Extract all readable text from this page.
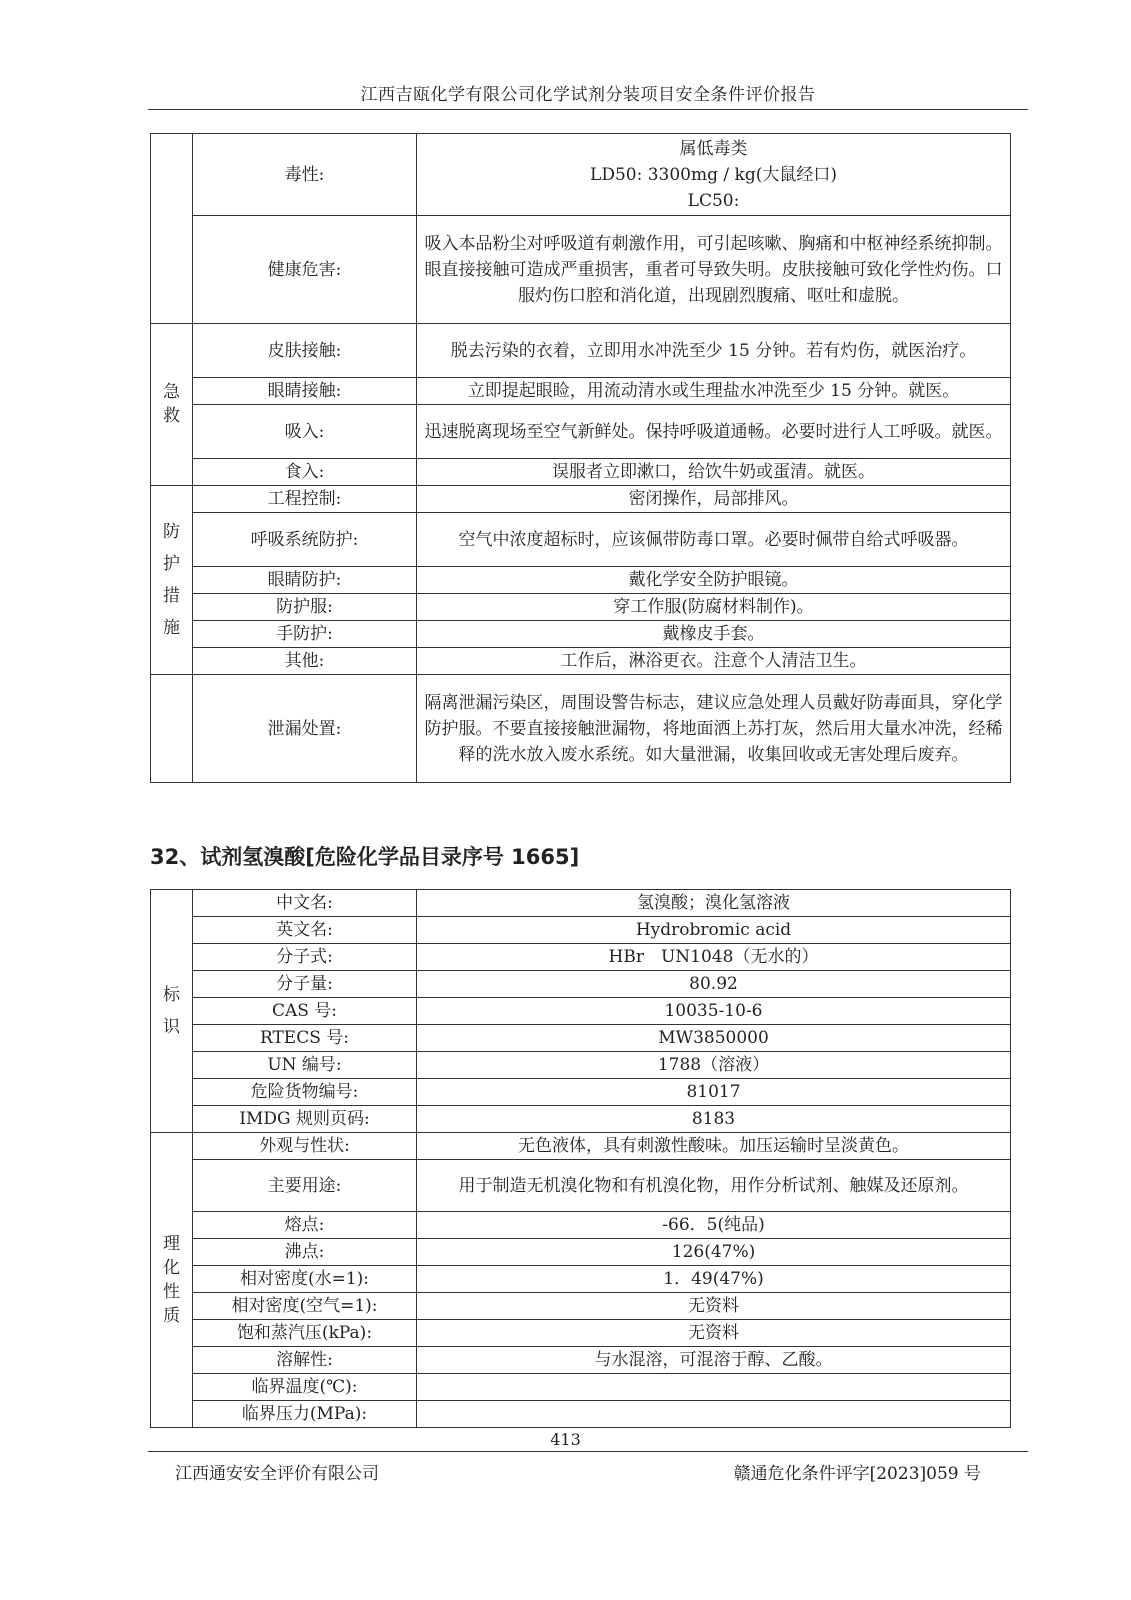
江西吉瓯化学有限公司化学试剂分装项目安全条件评价报告
	毒性:	属低毒类
LD50: 3300mg / kg(大鼠经口)
LC50:

	健康危害:	吸入本品粉尘对呼吸道有刺激作用，可引起咳嗽、胸痛和中枢神经系统抑制。眼直接接触可造成严重损害，重者可导致失明。皮肤接触可致化学性灼伤。口服灼伤口腔和消化道，出现剧烈腹痛、呕吐和虚脱。
急救	皮肤接触:	脱去污染的衣着，立即用水冲洗至少 15 分钟。若有灼伤，就医治疗。
	眼睛接触:	立即提起眼睑，用流动清水或生理盐水冲洗至少 15 分钟。就医。
	吸入:	迅速脱离现场至空气新鲜处。保持呼吸道通畅。必要时进行人工呼吸。就医。
	食入:	误服者立即漱口，给饮牛奶或蛋清。就医。

防
护
措
施	工程控制:	密闭操作，局部排风。
	呼吸系统防护:	空气中浓度超标时，应该佩带防毒口罩。必要时佩带自给式呼吸器。
	眼睛防护:	戴化学安全防护眼镜。
	防护服:	穿工作服(防腐材料制作)。
	手防护:	戴橡皮手套。
	其他:	工作后，淋浴更衣。注意个人清洁卫生。
	泄漏处置:	隔离泄漏污染区，周围设警告标志，建议应急处理人员戴好防毒面具，穿化学防护服。不要直接接触泄漏物，将地面洒上苏打灰，然后用大量水冲洗，经稀释的洗水放入废水系统。如大量泄漏，收集回收或无害处理后废弃。
32、试剂氢溴酸[危险化学品目录序号 1665]
标
识	中文名:	氢溴酸；溴化氢溶液
	英文名:	Hydrobromic acid
	分子式:	HBr　UN1048（无水的）
	分子量:	80.92
	CAS 号:	10035-10-6
	RTECS 号:	MW3850000
	UN 编号:	1788（溶液）
	危险货物编号:	81017
	IMDG 规则页码:	8183
理化性质	外观与性状:	无色液体，具有刺激性酸味。加压运输时呈淡黄色。
	主要用途:	用于制造无机溴化物和有机溴化物，用作分析试剂、触媒及还原剂。
	熔点:	-66．5(纯品)
	沸点:	126(47%)
	相对密度(水=1):	1．49(47%)
	相对密度(空气=1):	无资料
	饱和蒸汽压(kPa):	无资料
	溶解性:	与水混溶，可混溶于醇、乙酸。
	临界温度(℃):	
	临界压力(MPa):	
413
江西通安安全评价有限公司	赣通危化条件评字[2023]059 号
